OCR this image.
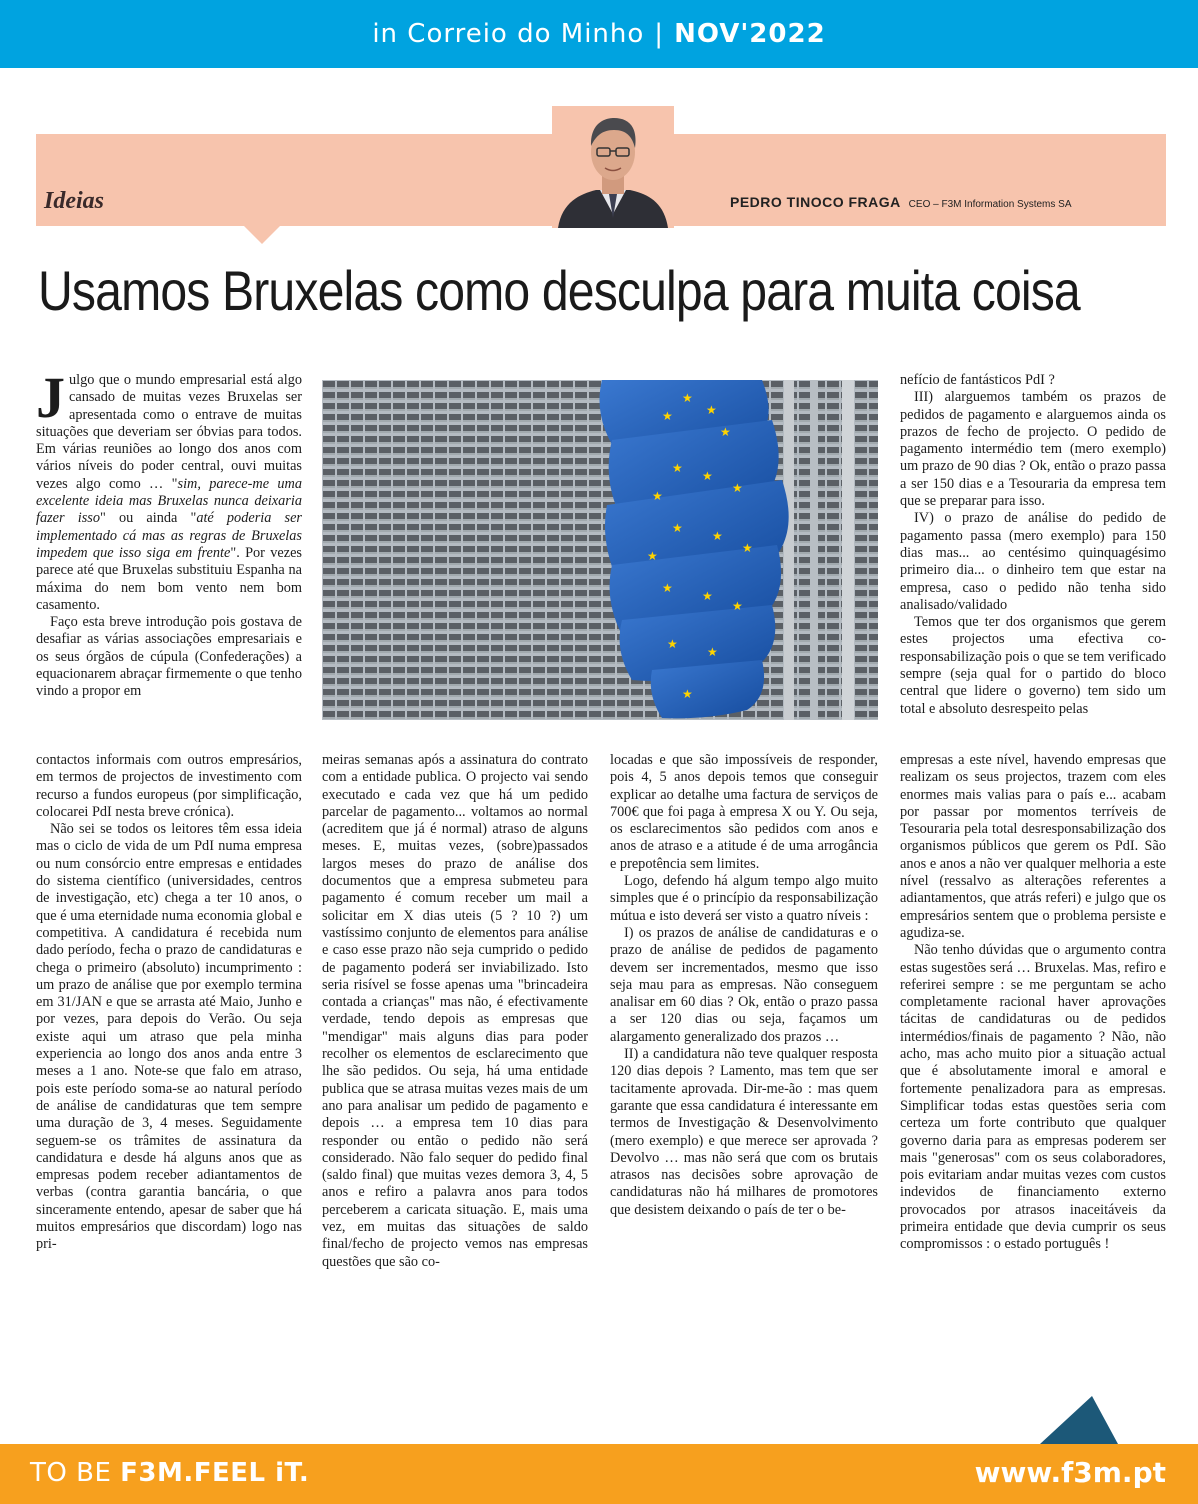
in Correio do Minho | NOV'2022
Ideias	PEDRO TINOCO FRAGA CEO – F3M Information Systems SA
Usamos Bruxelas como desculpa para muita coisa

Julgo que o mundo empresarial está algo cansado de muitas vezes Bruxelas ser apresentada como o entrave de muitas situações que deveriam ser óbvias para todos. Em várias reuniões ao longo dos anos com vários níveis do poder central, ouvi muitas vezes algo como … "sim, parece-me uma excelente ideia mas Bruxelas nunca deixaria fazer isso" ou ainda "até poderia ser implementado cá mas as regras de Bruxelas impedem que isso siga em frente". Por vezes parece até que Bruxelas substituiu Espanha na máxima do nem bom vento nem bom casamento.

Faço esta breve introdução pois gostava de desafiar as várias associações empresariais e os seus órgãos de cúpula (Confederações) a equacionarem abraçar firmemente o que tenho vindo a propor em

★
★
★
★
★
★
★
★
★
★
★
★
★
★
★
★
★
★

nefício de fantásticos PdI ?

III) alarguemos também os prazos de pedidos de pagamento e alarguemos ainda os prazos de fecho de projecto. O pedido de pagamento intermédio tem (mero exemplo) um prazo de 90 dias ? Ok, então o prazo passa a ser 150 dias e a Tesouraria da empresa tem que se preparar para isso.

IV) o prazo de análise do pedido de pagamento passa (mero exemplo) para 150 dias mas... ao centésimo quinquagésimo primeiro dia... o dinheiro tem que estar na empresa, caso o pedido não tenha sido analisado/validado

Temos que ter dos organismos que gerem estes projectos uma efectiva co-responsabilização pois o que se tem verificado sempre (seja qual for o partido do bloco central que lidere o governo) tem sido um total e absoluto desrespeito pelas

contactos informais com outros empresários, em termos de projectos de investimento com recurso a fundos europeus (por simplificação, colocarei PdI nesta breve crónica).

Não sei se todos os leitores têm essa ideia mas o ciclo de vida de um PdI numa empresa ou num consórcio entre empresas e entidades do sistema científico (universidades, centros de investigação, etc) chega a ter 10 anos, o que é uma eternidade numa economia global e competitiva. A candidatura é recebida num dado período, fecha o prazo de candidaturas e chega o primeiro (absoluto) incumprimento : um prazo de análise que por exemplo termina em 31/JAN e que se arrasta até Maio, Junho e por vezes, para depois do Verão. Ou seja existe aqui um atraso que pela minha experiencia ao longo dos anos anda entre 3 meses a 1 ano. Note-se que falo em atraso, pois este período soma-se ao natural período de análise de candidaturas que tem sempre uma duração de 3, 4 meses. Seguidamente seguem-se os trâmites de assinatura da candidatura e desde há alguns anos que as empresas podem receber adiantamentos de verbas (contra garantia bancária, o que sinceramente entendo, apesar de saber que há muitos empresários que discordam) logo nas pri-

meiras semanas após a assinatura do contrato com a entidade publica. O projecto vai sendo executado e cada vez que há um pedido parcelar de pagamento... voltamos ao normal (acreditem que já é normal) atraso de alguns meses. E, muitas vezes, (sobre)passados largos meses do prazo de análise dos documentos que a empresa submeteu para pagamento é comum receber um mail a solicitar em X dias uteis (5 ? 10 ?) um vastíssimo conjunto de elementos para análise e caso esse prazo não seja cumprido o pedido de pagamento poderá ser inviabilizado. Isto seria risível se fosse apenas uma "brincadeira contada a crianças" mas não, é efectivamente verdade, tendo depois as empresas que "mendigar" mais alguns dias para poder recolher os elementos de esclarecimento que lhe são pedidos. Ou seja, há uma entidade publica que se atrasa muitas vezes mais de um ano para analisar um pedido de pagamento e depois … a empresa tem 10 dias para responder ou então o pedido não será considerado. Não falo sequer do pedido final (saldo final) que muitas vezes demora 3, 4, 5 anos e refiro a palavra anos para todos perceberem a caricata situação. E, mais uma vez, em muitas das situações de saldo final/fecho de projecto vemos nas empresas questões que são co-

locadas e que são impossíveis de responder, pois 4, 5 anos depois temos que conseguir explicar ao detalhe uma factura de serviços de 700€ que foi paga à empresa X ou Y. Ou seja, os esclarecimentos são pedidos com anos e anos de atraso e a atitude é de uma arrogância e prepotência sem limites.

Logo, defendo há algum tempo algo muito simples que é o princípio da responsabilização mútua e isto deverá ser visto a quatro níveis :

I) os prazos de análise de candidaturas e o prazo de análise de pedidos de pagamento devem ser incrementados, mesmo que isso seja mau para as empresas. Não conseguem analisar em 60 dias ? Ok, então o prazo passa a ser 120 dias ou seja, façamos um alargamento generalizado dos prazos …

II) a candidatura não teve qualquer resposta 120 dias depois ? Lamento, mas tem que ser tacitamente aprovada. Dir-me-ão : mas quem garante que essa candidatura é interessante em termos de Investigação & Desenvolvimento (mero exemplo) e que merece ser aprovada ? Devolvo … mas não será que com os brutais atrasos nas decisões sobre aprovação de candidaturas não há milhares de promotores que desistem deixando o país de ter o be-

empresas a este nível, havendo empresas que realizam os seus projectos, trazem com eles enormes mais valias para o país e... acabam por passar por momentos terríveis de Tesouraria pela total desresponsabilização dos organismos públicos que gerem os PdI. São anos e anos a não ver qualquer melhoria a este nível (ressalvo as alterações referentes a adiantamentos, que atrás referi) e julgo que os empresários sentem que o problema persiste e agudiza-se.

Não tenho dúvidas que o argumento contra estas sugestões será … Bruxelas. Mas, refiro e referirei sempre : se me perguntam se acho completamente racional haver aprovações tácitas de candidaturas ou de pedidos intermédios/finais de pagamento ? Não, não acho, mas acho muito pior a situação actual que é absolutamente imoral e amoral e fortemente penalizadora para as empresas. Simplificar todas estas questões seria com certeza um forte contributo que qualquer governo daria para as empresas poderem ser mais "generosas" com os seus colaboradores, pois evitariam andar muitas vezes com custos indevidos de financiamento externo provocados por atrasos inaceitáveis da primeira entidade que devia cumprir os seus compromissos : o estado português !

TO BE F3M.FEEL iT.	www.f3m.pt
